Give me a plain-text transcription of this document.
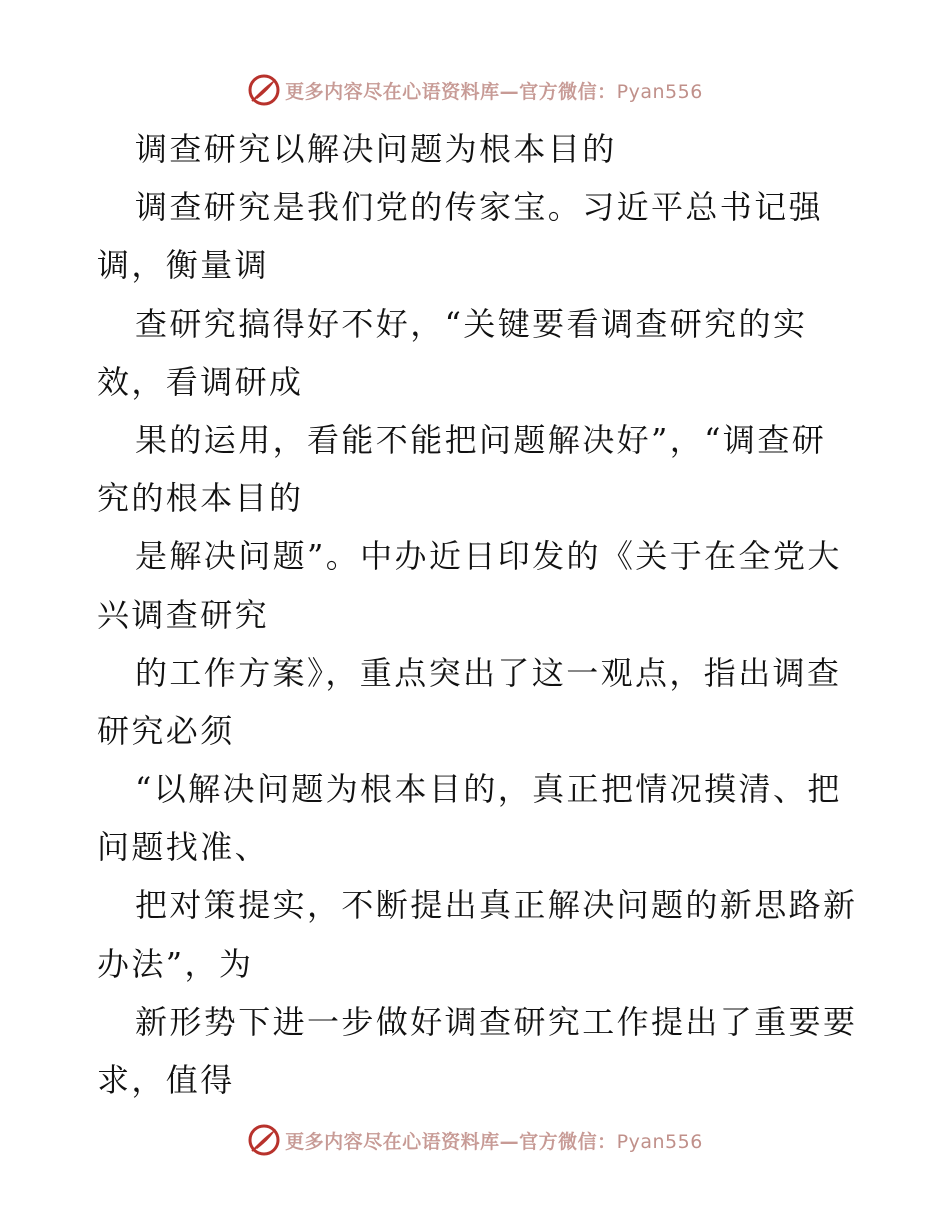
更多内容尽在心语资料库—官方微信：Pyan556
调查研究以解决问题为根本目的
调查研究是我们党的传家宝。习近平总书记强
调，衡量调
查研究搞得好不好，“关键要看调查研究的实
效，看调研成
果的运用，看能不能把问题解决好”，“调查研
究的根本目的
是解决问题”。中办近日印发的《关于在全党大
兴调查研究
的工作方案》，重点突出了这一观点，指出调查
研究必须
“以解决问题为根本目的，真正把情况摸清、把
问题找准、
把对策提实，不断提出真正解决问题的新思路新
办法”，为
新形势下进一步做好调查研究工作提出了重要要
求，值得
更多内容尽在心语资料库—官方微信：Pyan556
